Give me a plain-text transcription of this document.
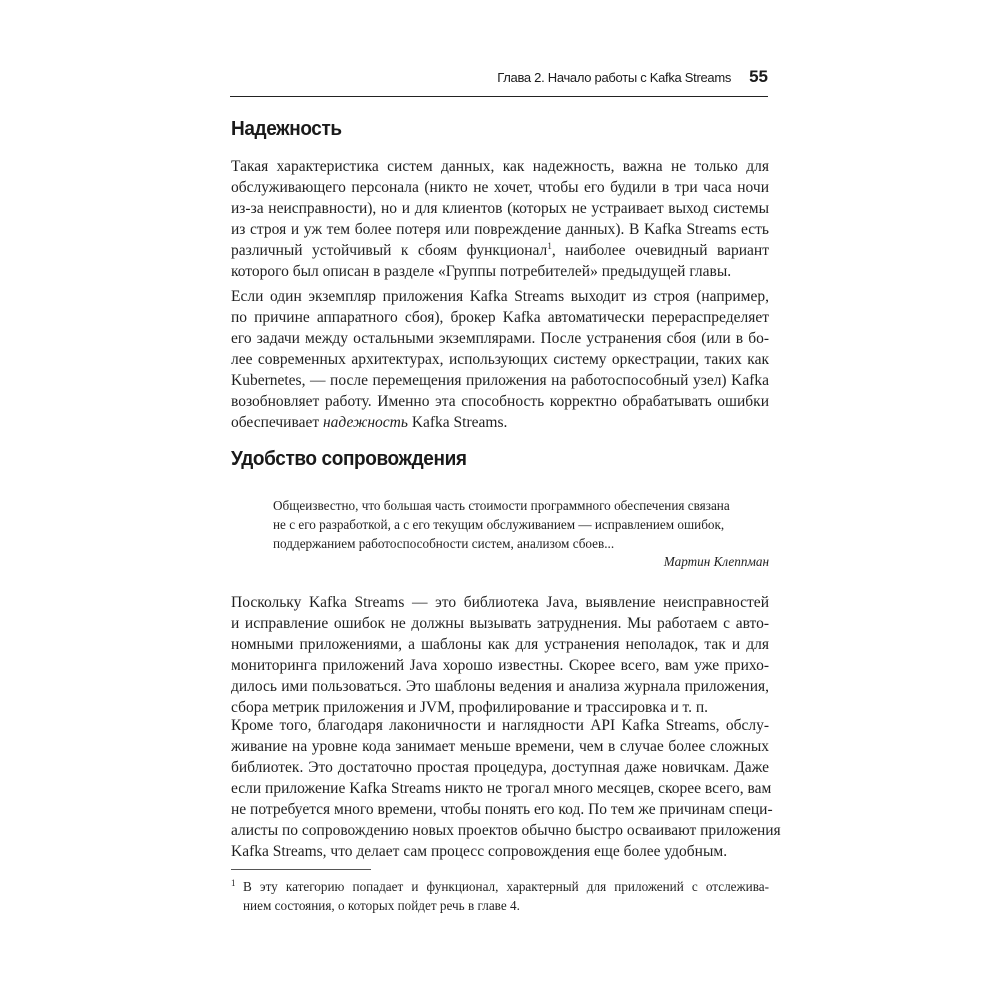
Глава 2. Начало работы с Kafka Streams 55
Надежность

Такая характеристика систем данных, как надежность, важна не только для
обслуживающего персонала (никто не хочет, чтобы его будили в три часа ночи
из-за неисправности), но и для клиентов (которых не устраивает выход системы
из строя и уж тем более потеря или повреждение данных). В Kafka Streams есть
различный устойчивый к сбоям функционал$^1$, наиболее очевидный вариант
которого был описан в разделе «Группы потребителей» предыдущей главы.

Если один экземпляр приложения Kafka Streams выходит из строя (например,
по причине аппаратного сбоя), брокер Kafka автоматически перераспределяет
его задачи между остальными экземплярами. После устранения сбоя (или в бо-
лее современных архитектурах, использующих систему оркестрации, таких как
Kubernetes, — после перемещения приложения на работоспособный узел) Kafka
возобновляет работу. Именно эта способность корректно обрабатывать ошибки
обеспечивает надежность Kafka Streams.

Удобство сопровождения

Общеизвестно, что большая часть стоимости программного обеспечения связана
не с его разработкой, а с его текущим обслуживанием — исправлением ошибок,
поддержанием работоспособности систем, анализом сбоев...

Мартин Клеппман

Поскольку Kafka Streams — это библиотека Java, выявление неисправностей
и исправление ошибок не должны вызывать затруднения. Мы работаем с авто-
номными приложениями, а шаблоны как для устранения неполадок, так и для
мониторинга приложений Java хорошо известны. Скорее всего, вам уже прихо-
дилось ими пользоваться. Это шаблоны ведения и анализа журнала приложения,
сбора метрик приложения и JVM, профилирование и трассировка и т. п.

Кроме того, благодаря лаконичности и наглядности API Kafka Streams, обслу-
живание на уровне кода занимает меньше времени, чем в случае более сложных
библиотек. Это достаточно простая процедура, доступная даже новичкам. Даже
если приложение Kafka Streams никто не трогал много месяцев, скорее всего, вам
не потребуется много времени, чтобы понять его код. По тем же причинам специ-
алисты по сопровождению новых проектов обычно быстро осваивают приложения
Kafka Streams, что делает сам процесс сопровождения еще более удобным.

1 В эту категорию попадает и функционал, характерный для приложений с отслежива-
нием состояния, о которых пойдет речь в главе 4.
